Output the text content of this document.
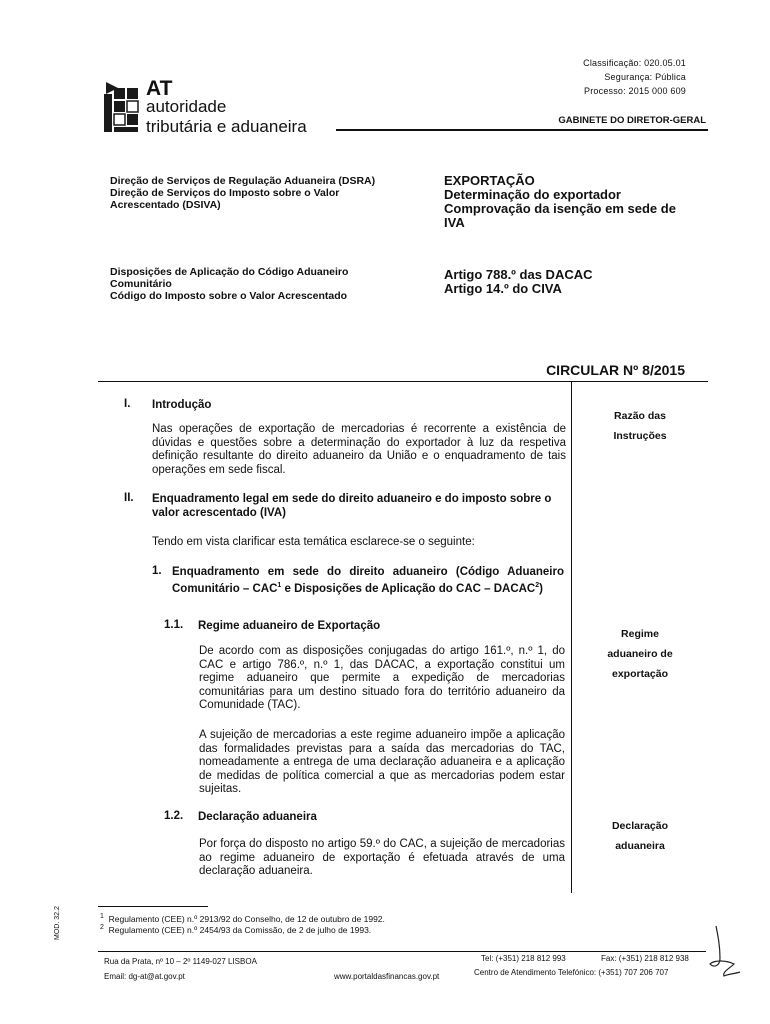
Classificação: 020.05.01
Segurança: Pública
Processo: 2015 000 609
AT
autoridade
tributária e aduaneira	GABINETE DO DIRETOR-GERAL
Direção de Serviços de Regulação Aduaneira (DSRA)
Direção de Serviços do Imposto sobre o Valor
Acrescentado (DSIVA)
EXPORTAÇÃO
Determinação do exportador
Comprovação da isenção em sede de
IVA
Disposições de Aplicação do Código Aduaneiro
Comunitário
Código do Imposto sobre o Valor Acrescentado
Artigo 788.º das DACAC
Artigo 14.º do CIVA
CIRCULAR Nº 8/2015
I. Introdução
Nas operações de exportação de mercadorias é recorrente a existência de dúvidas e questões sobre a determinação do exportador à luz da respetiva definição resultante do direito aduaneiro da União e o enquadramento de tais operações em sede fiscal.
II. Enquadramento legal em sede do direito aduaneiro e do imposto sobre o valor acrescentado (IVA)
Tendo em vista clarificar esta temática esclarece-se o seguinte:
1. Enquadramento em sede do direito aduaneiro (Código Aduaneiro Comunitário – CAC$^1$ e Disposições de Aplicação do CAC – DACAC$^2$)
1.1. Regime aduaneiro de Exportação
De acordo com as disposições conjugadas do artigo 161.º, n.º 1, do CAC e artigo 786.º, n.º 1, das DACAC, a exportação constitui um regime aduaneiro que permite a expedição de mercadorias comunitárias para um destino situado fora do território aduaneiro da Comunidade (TAC).
A sujeição de mercadorias a este regime aduaneiro impõe a aplicação das formalidades previstas para a saída das mercadorias do TAC, nomeadamente a entrega de uma declaração aduaneira e a aplicação de medidas de política comercial a que as mercadorias podem estar sujeitas.
1.2. Declaração aduaneira
Por força do disposto no artigo 59.º do CAC, a sujeição de mercadorias ao regime aduaneiro de exportação é efetuada através de uma declaração aduaneira.
Razão das
Instruções
Regime
aduaneiro de
exportação
Declaração
aduaneira
$^1$ Regulamento (CEE) n.º 2913/92 do Conselho, de 12 de outubro de 1992.
$^2$ Regulamento (CEE) n.º 2454/93 da Comissão, de 2 de julho de 1993.
MOD. 32.2
Rua da Prata, nº 10 – 2º 1149-027 LISBOA
Email: dg-at@at.gov.pt	www.portaldasfinancas.gov.pt
Tel: (+351) 218 812 993	Fax: (+351) 218 812 938
Centro de Atendimento Telefónico: (+351) 707 206 707
